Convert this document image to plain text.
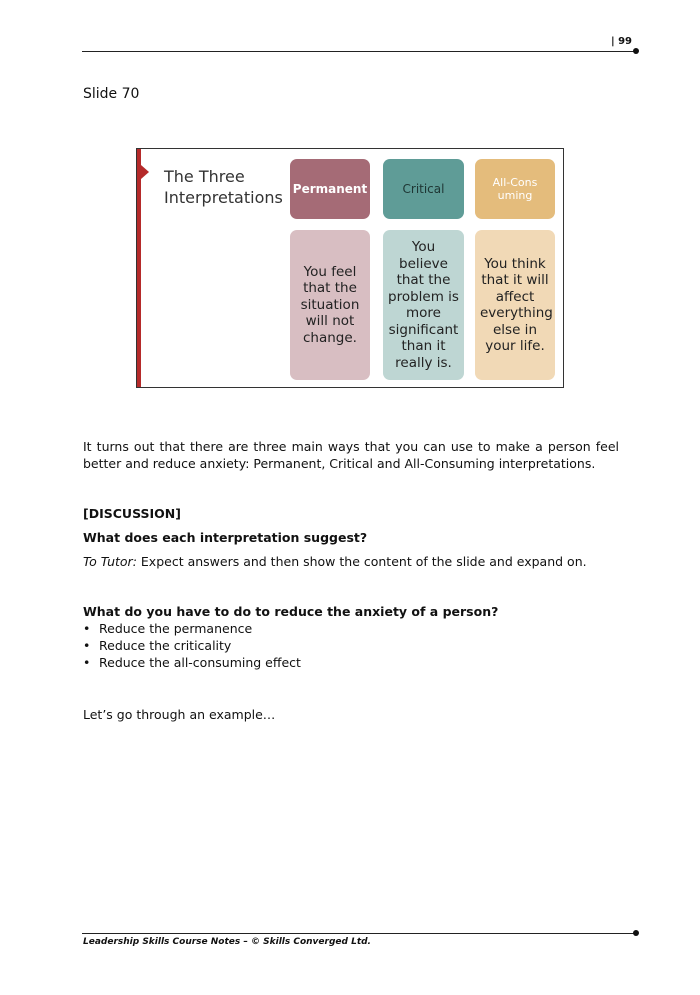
| 99
Slide 70
The Three Interpretations Permanent	Critical	All-Consuming
You feel that the situation will not change.
You believe that the problem is more significant than it really is.
You think that it will affect everything else in your life.
It turns out that there are three main ways that you can use to make a person feel better and reduce anxiety: Permanent, Critical and All-Consuming interpretations.
[DISCUSSION]
What does each interpretation suggest?
To Tutor: Expect answers and then show the content of the slide and expand on.
What do you have to do to reduce the anxiety of a person?
• Reduce the permanence
• Reduce the criticality
• Reduce the all-consuming effect
Let’s go through an example…
Leadership Skills Course Notes – © Skills Converged Ltd.
